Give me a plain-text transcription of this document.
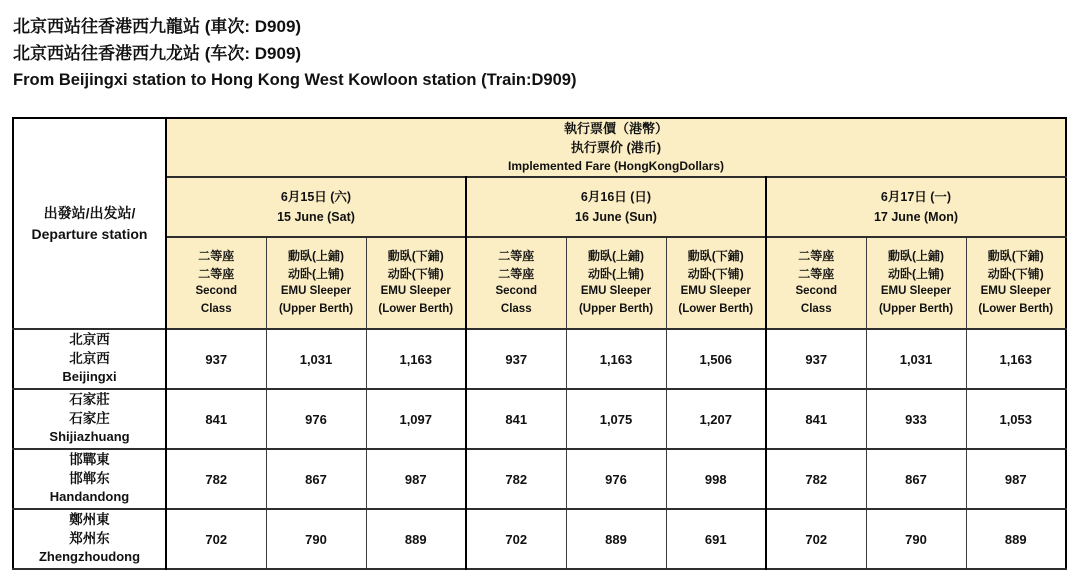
北京西站往香港西九龍站 (車次: D909)
北京西站往香港西九龙站 (车次: D909)
From Beijingxi station to Hong Kong West Kowloon station (Train:D909)
出發站/出发站/
Departure station

執行票價（港幣）
执行票价 (港币)
Implemented Fare (HongKongDollars)

6月15日 (六)
15 June (Sat)

6月16日 (日)
16 June (Sun)

6月17日 (一)
17 June (Mon)

二等座
二等座
Second
Class

動臥(上鋪)
动卧(上铺)
EMU Sleeper
(Upper Berth)

動臥(下鋪)
动卧(下铺)
EMU Sleeper
(Lower Berth)

二等座
二等座
Second
Class

動臥(上鋪)
动卧(上铺)
EMU Sleeper
(Upper Berth)

動臥(下鋪)
动卧(下铺)
EMU Sleeper
(Lower Berth)

二等座
二等座
Second
Class

動臥(上鋪)
动卧(上铺)
EMU Sleeper
(Upper Berth)

動臥(下鋪)
动卧(下铺)
EMU Sleeper
(Lower Berth)

北京西
北京西
Beijingxi	937	1,031	1,163	937	1,163	1,506	937	1,031	1,163

石家莊
石家庄
Shijiazhuang	841	976	1,097	841	1,075	1,207	841	933	1,053

邯鄲東
邯郸东
Handandong	782	867	987	782	976	998	782	867	987

鄭州東
郑州东
Zhengzhoudong	702	790	889	702	889	691	702	790	889
